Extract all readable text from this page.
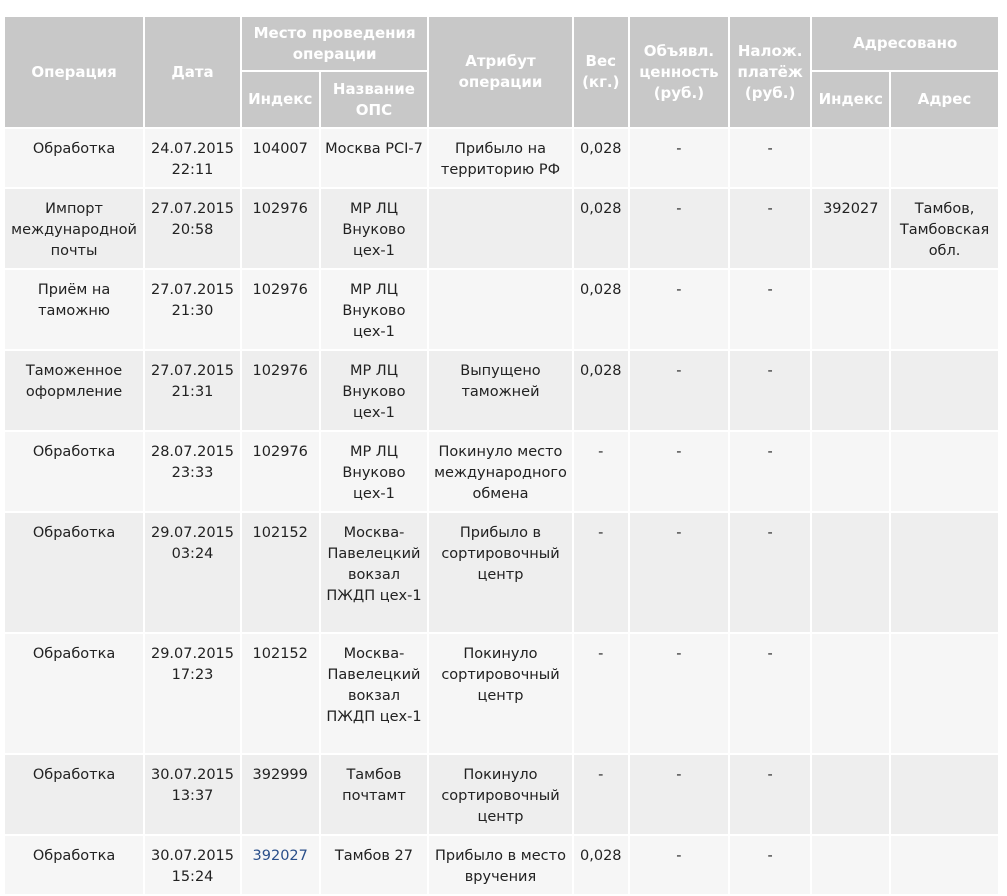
Операция	Дата	Место проведения операции		Атрибут операции	Вес (кг.)	Объявл. ценность (руб.)	Налож. платёж (руб.)	Адресовано	
		Индекс	Название ОПС					Индекс	Адрес
Обработка	24.07.2015 22:11	104007	Москва PCI-7	Прибыло на территорию РФ	0,028	-	-		
Импорт международной почты	27.07.2015 20:58	102976	МР ЛЦ Внуково цех-1		0,028	-	-	392027	Тамбов, Тамбовская обл.
Приём на таможню	27.07.2015 21:30	102976	МР ЛЦ Внуково цех-1		0,028	-	-		
Таможенное оформление	27.07.2015 21:31	102976	МР ЛЦ Внуково цех-1	Выпущено таможней	0,028	-	-		
Обработка	28.07.2015 23:33	102976	МР ЛЦ Внуково цех-1	Покинуло место международного обмена	-	-	-		
Обработка	29.07.2015 03:24	102152	Москва-Павелецкий вокзал ПЖДП цех-1	Прибыло в сортировочный центр	-	-	-		
Обработка	29.07.2015 17:23	102152	Москва-Павелецкий вокзал ПЖДП цех-1	Покинуло сортировочный центр	-	-	-		
Обработка	30.07.2015 13:37	392999	Тамбов почтамт	Покинуло сортировочный центр	-	-	-		
Обработка	30.07.2015 15:24	392027	Тамбов 27	Прибыло в место вручения	0,028	-	-		
